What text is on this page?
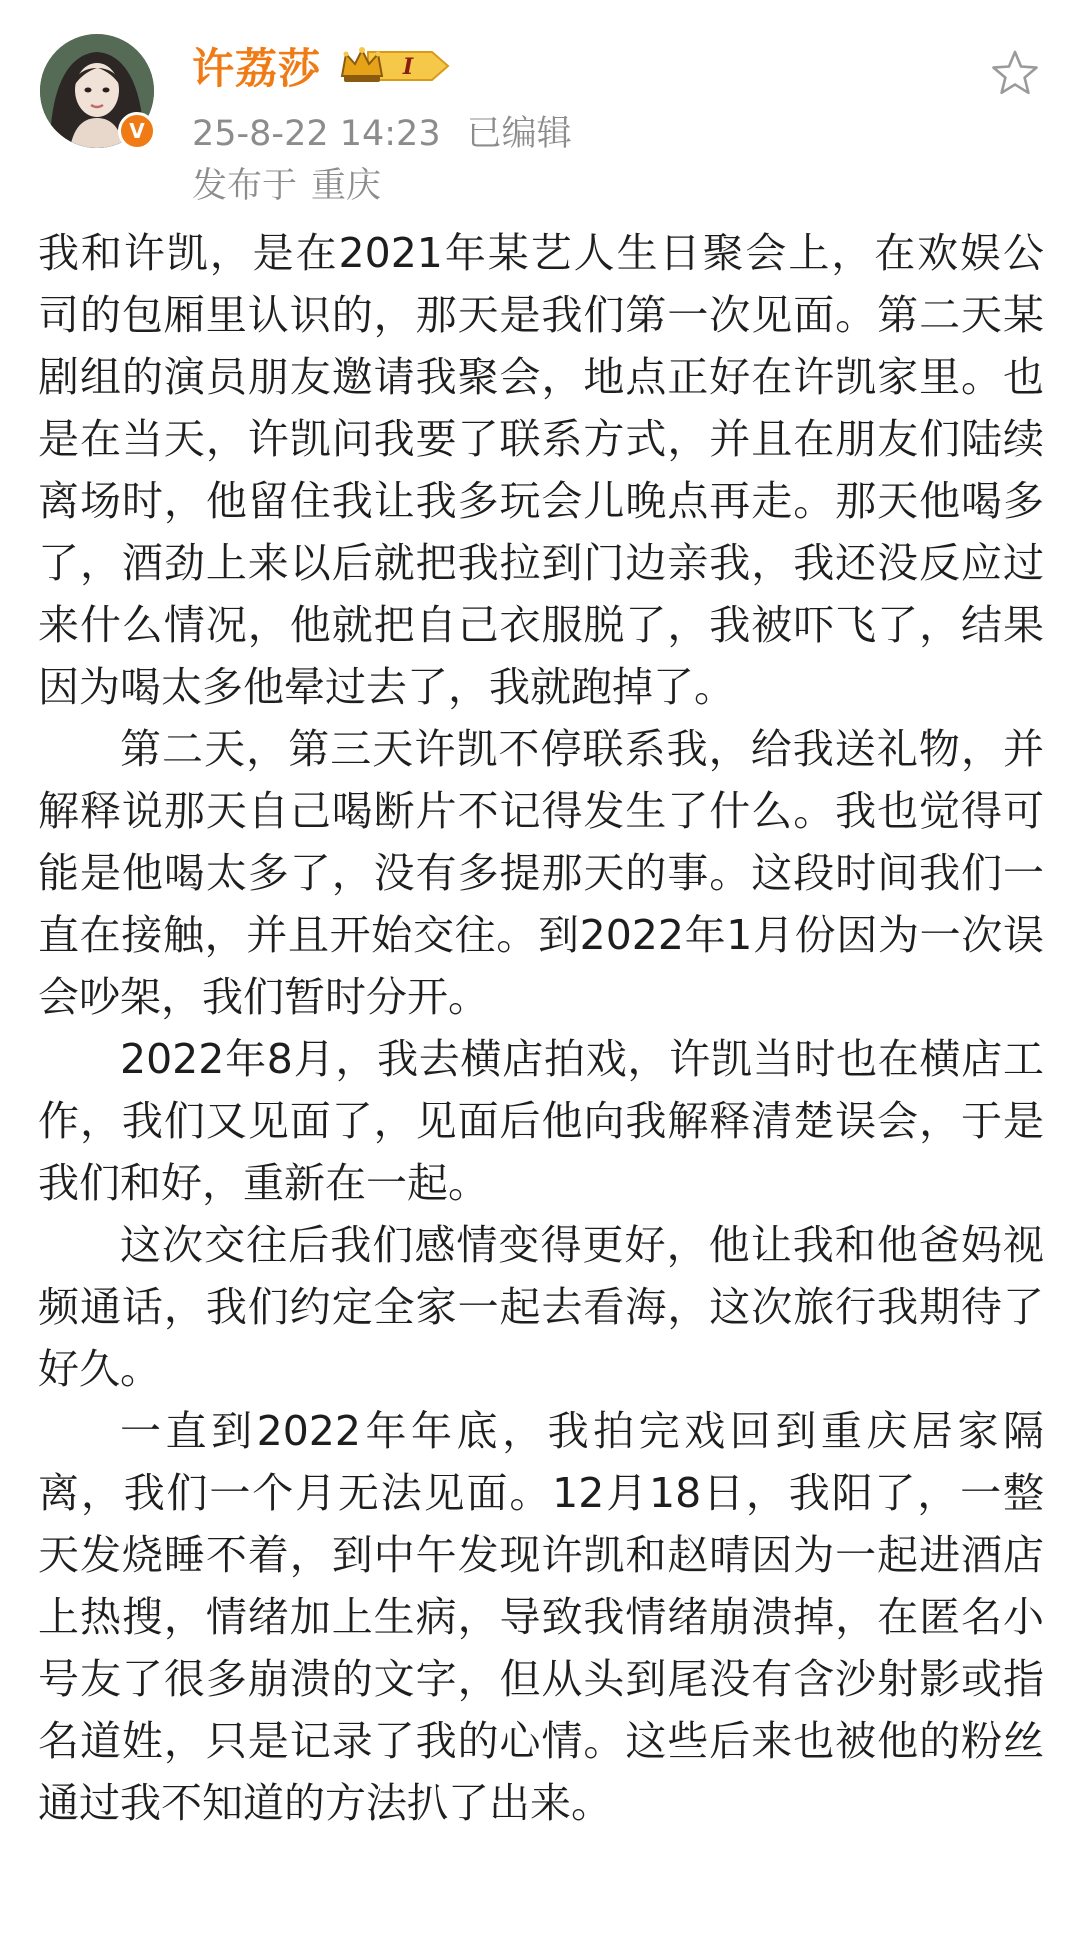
V
许荔莎	I
25-8-22 14:23 已编辑
发布于 重庆

我和许凯，是在2021年某艺人生日聚会上，在欢娱公司的包厢里认识的，那天是我们第一次见面。第二天某剧组的演员朋友邀请我聚会，地点正好在许凯家里。也是在当天，许凯问我要了联系方式，并且在朋友们陆续离场时，他留住我让我多玩会儿晚点再走。那天他喝多了，酒劲上来以后就把我拉到门边亲我，我还没反应过来什么情况，他就把自己衣服脱了，我被吓飞了，结果因为喝太多他晕过去了，我就跑掉了。

第二天，第三天许凯不停联系我，给我送礼物，并解释说那天自己喝断片不记得发生了什么。我也觉得可能是他喝太多了，没有多提那天的事。这段时间我们一直在接触，并且开始交往。到2022年1月份因为一次误会吵架，我们暂时分开。

2022年8月，我去横店拍戏，许凯当时也在横店工作，我们又见面了，见面后他向我解释清楚误会，于是我们和好，重新在一起。

这次交往后我们感情变得更好，他让我和他爸妈视频通话，我们约定全家一起去看海，这次旅行我期待了好久。

一直到2022年年底，我拍完戏回到重庆居家隔离，我们一个月无法见面。12月18日，我阳了，一整天发烧睡不着，到中午发现许凯和赵晴因为一起进酒店上热搜，情绪加上生病，导致我情绪崩溃掉，在匿名小号友了很多崩溃的文字，但从头到尾没有含沙射影或指名道姓，只是记录了我的心情。这些后来也被他的粉丝通过我不知道的方法扒了出来。
